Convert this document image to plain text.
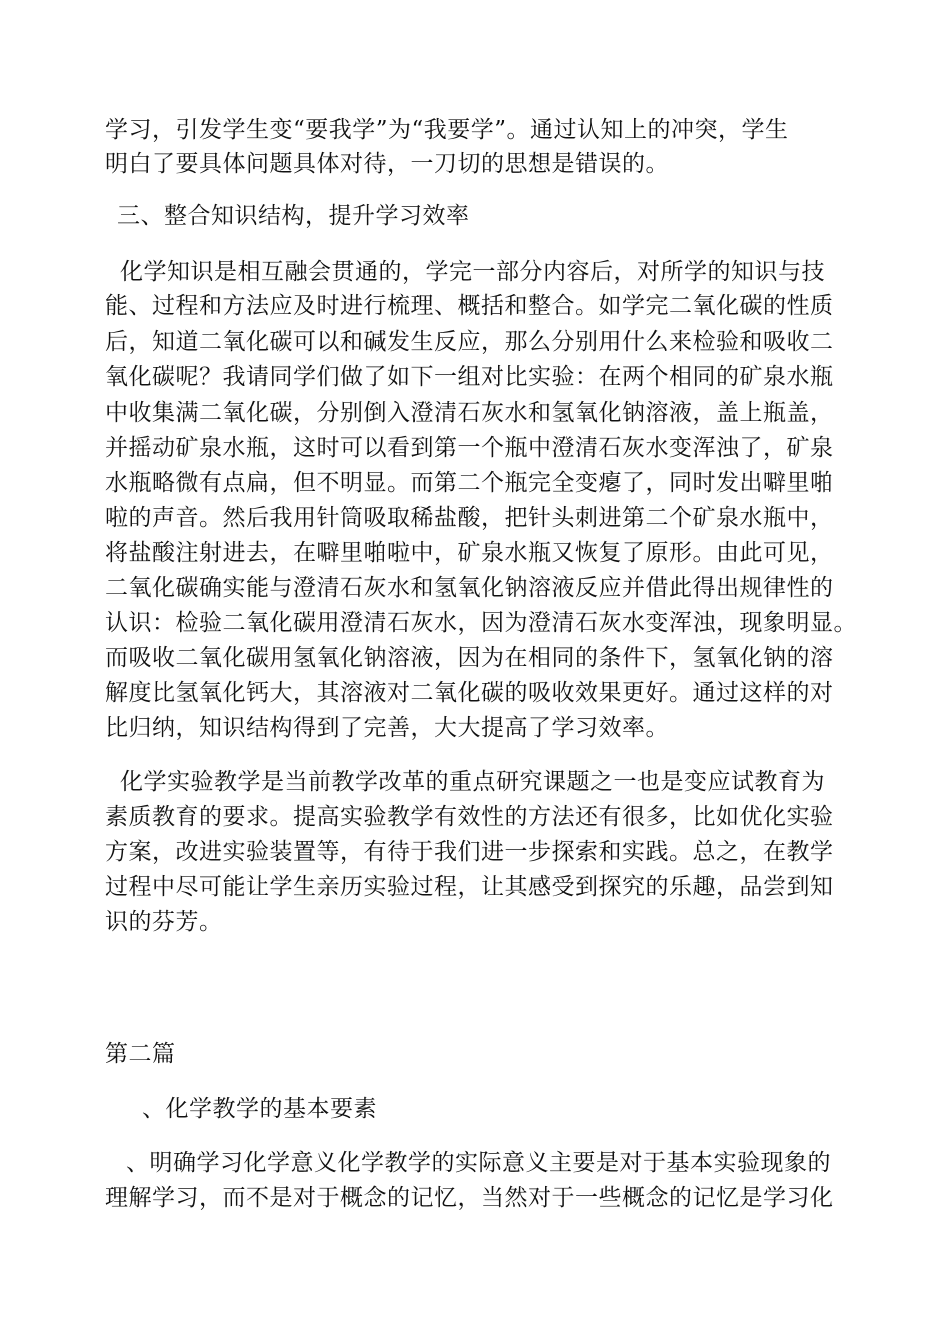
学习，引发学生变“要我学”为“我要学”。通过认知上的冲突，学生
明白了要具体问题具体对待，一刀切的思想是错误的。
三、整合知识结构，提升学习效率
化学知识是相互融会贯通的，学完一部分内容后，对所学的知识与技
能、过程和方法应及时进行梳理、概括和整合。如学完二氧化碳的性质
后，知道二氧化碳可以和碱发生反应，那么分别用什么来检验和吸收二
氧化碳呢？我请同学们做了如下一组对比实验：在两个相同的矿泉水瓶
中收集满二氧化碳，分别倒入澄清石灰水和氢氧化钠溶液，盖上瓶盖，
并摇动矿泉水瓶，这时可以看到第一个瓶中澄清石灰水变浑浊了，矿泉
水瓶略微有点扁，但不明显。而第二个瓶完全变瘪了，同时发出噼里啪
啦的声音。然后我用针筒吸取稀盐酸，把针头刺进第二个矿泉水瓶中，
将盐酸注射进去，在噼里啪啦中，矿泉水瓶又恢复了原形。由此可见，
二氧化碳确实能与澄清石灰水和氢氧化钠溶液反应并借此得出规律性的
认识：检验二氧化碳用澄清石灰水，因为澄清石灰水变浑浊，现象明显。
而吸收二氧化碳用氢氧化钠溶液，因为在相同的条件下，氢氧化钠的溶
解度比氢氧化钙大，其溶液对二氧化碳的吸收效果更好。通过这样的对
比归纳，知识结构得到了完善，大大提高了学习效率。
化学实验教学是当前教学改革的重点研究课题之一也是变应试教育为
素质教育的要求。提高实验教学有效性的方法还有很多，比如优化实验
方案，改进实验装置等，有待于我们进一步探索和实践。总之，在教学
过程中尽可能让学生亲历实验过程，让其感受到探究的乐趣，品尝到知
识的芬芳。
第二篇
、化学教学的基本要素
、明确学习化学意义化学教学的实际意义主要是对于基本实验现象的
理解学习，而不是对于概念的记忆，当然对于一些概念的记忆是学习化
